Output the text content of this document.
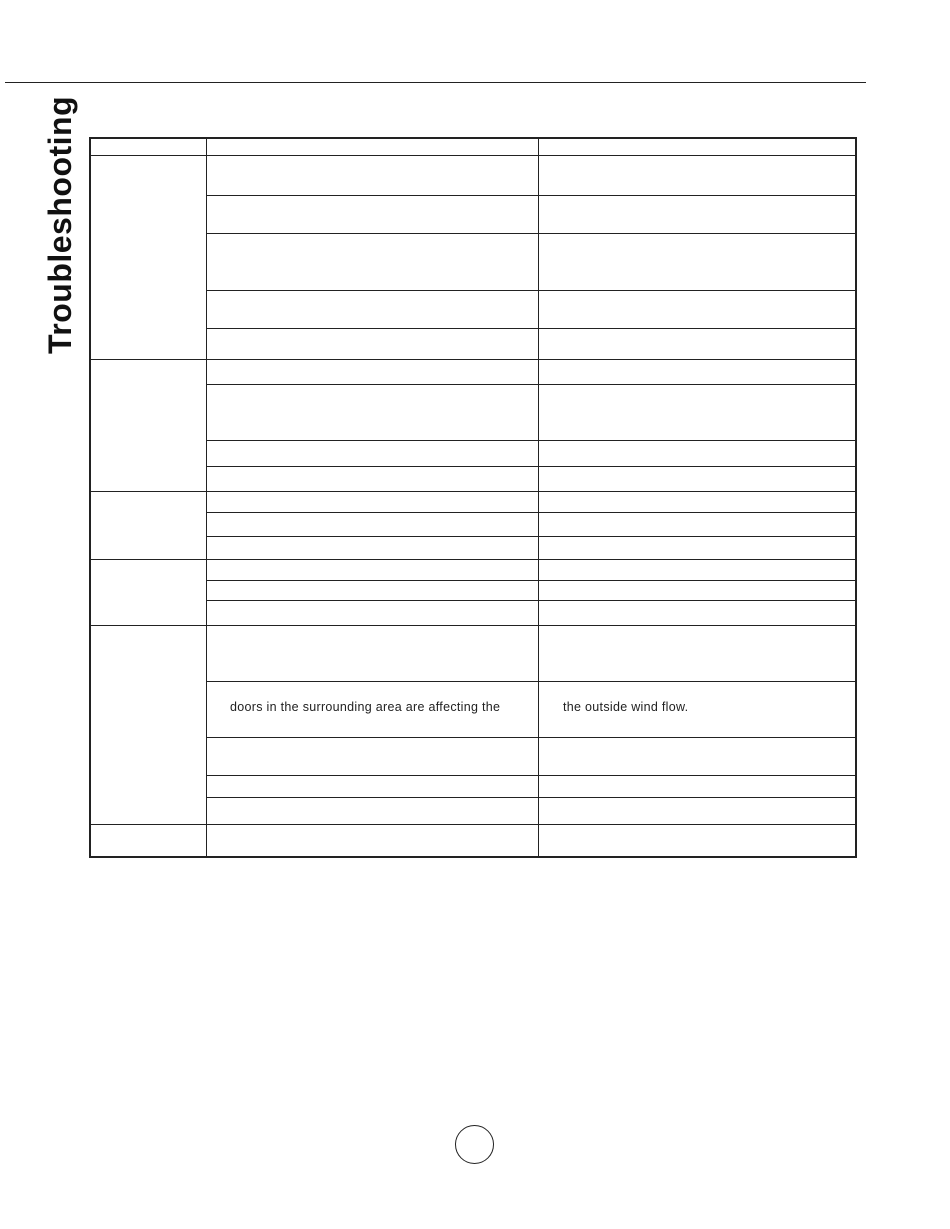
Troubleshooting
doors in the surrounding area are affecting the	the outside wind flow.
